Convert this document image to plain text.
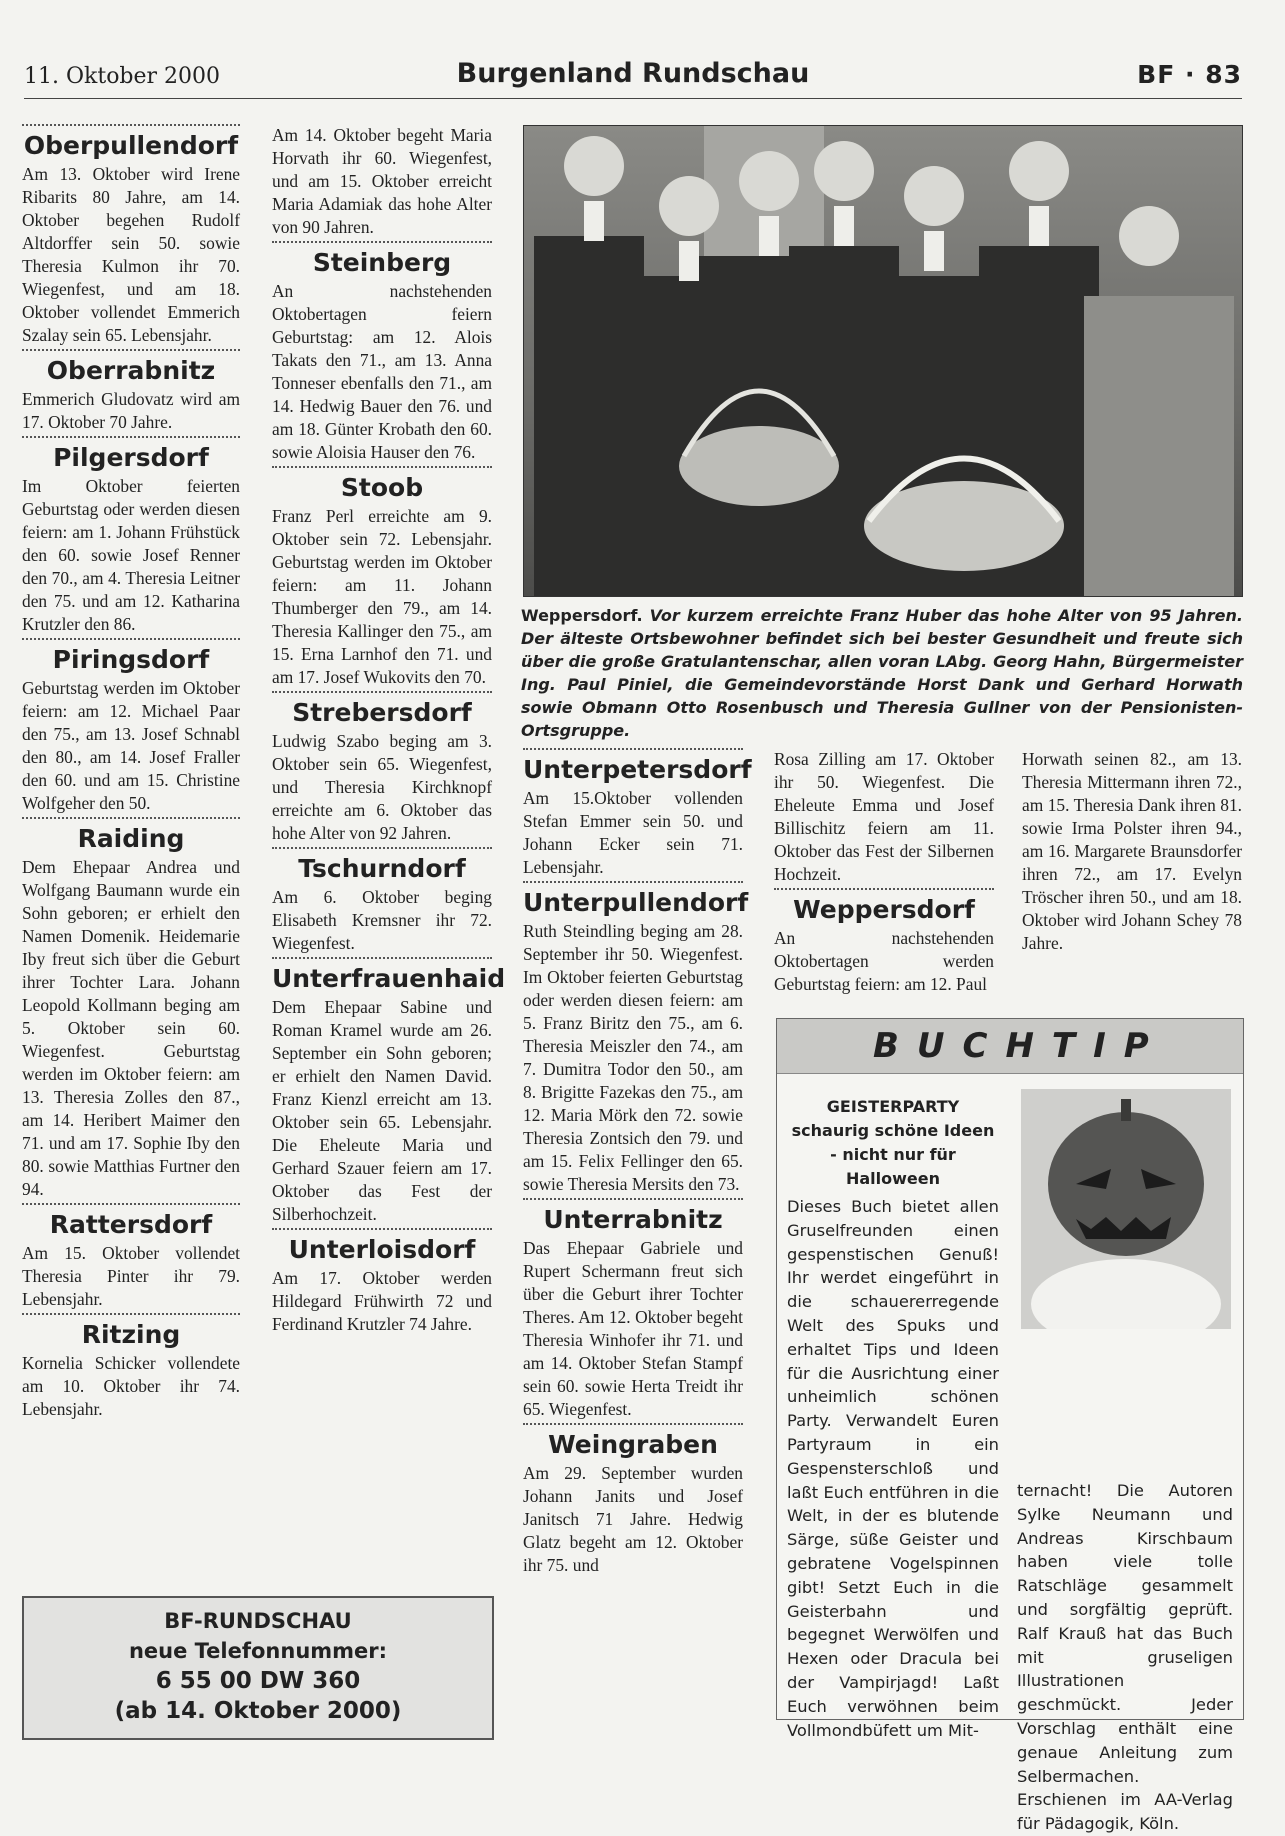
11. Oktober 2000	Burgenland Rundschau	BF · 83
Oberpullendorf
Am 13. Oktober wird Irene Ribarits 80 Jahre, am 14. Oktober begehen Rudolf Altdorffer sein 50. sowie Theresia Kulmon ihr 70. Wiegenfest, und am 18. Oktober vollendet Emmerich Szalay sein 65. Lebensjahr.
Oberrabnitz
Emmerich Gludovatz wird am 17. Oktober 70 Jahre.
Pilgersdorf
Im Oktober feierten Geburtstag oder werden diesen feiern: am 1. Johann Frühstück den 60. sowie Josef Renner den 70., am 4. Theresia Leitner den 75. und am 12. Katharina Krutzler den 86.
Piringsdorf
Geburtstag werden im Oktober feiern: am 12. Michael Paar den 75., am 13. Josef Schnabl den 80., am 14. Josef Fraller den 60. und am 15. Christine Wolfgeher den 50.
Raiding
Dem Ehepaar Andrea und Wolfgang Baumann wurde ein Sohn geboren; er erhielt den Namen Domenik. Heidemarie Iby freut sich über die Geburt ihrer Tochter Lara. Johann Leopold Kollmann beging am 5. Oktober sein 60. Wiegenfest. Geburtstag werden im Oktober feiern: am 13. Theresia Zolles den 87., am 14. Heribert Maimer den 71. und am 17. Sophie Iby den 80. sowie Matthias Furtner den 94.
Rattersdorf
Am 15. Oktober vollendet Theresia Pinter ihr 79. Lebensjahr.
Ritzing
Kornelia Schicker vollendete am 10. Oktober ihr 74. Lebensjahr.
Am 14. Oktober begeht Maria Horvath ihr 60. Wiegenfest, und am 15. Oktober erreicht Maria Adamiak das hohe Alter von 90 Jahren.
Steinberg
An nachstehenden Oktobertagen feiern Geburtstag: am 12. Alois Takats den 71., am 13. Anna Tonneser ebenfalls den 71., am 14. Hedwig Bauer den 76. und am 18. Günter Krobath den 60. sowie Aloisia Hauser den 76.
Stoob
Franz Perl erreichte am 9. Oktober sein 72. Lebensjahr. Geburtstag werden im Oktober feiern: am 11. Johann Thumberger den 79., am 14. Theresia Kallinger den 75., am 15. Erna Larnhof den 71. und am 17. Josef Wukovits den 70.
Strebersdorf
Ludwig Szabo beging am 3. Oktober sein 65. Wiegenfest, und Theresia Kirchknopf erreichte am 6. Oktober das hohe Alter von 92 Jahren.
Tschurndorf
Am 6. Oktober beging Elisabeth Kremsner ihr 72. Wiegenfest.
Unterfrauenhaid
Dem Ehepaar Sabine und Roman Kramel wurde am 26. September ein Sohn geboren; er erhielt den Namen David. Franz Kienzl erreicht am 13. Oktober sein 65. Lebensjahr. Die Eheleute Maria und Gerhard Szauer feiern am 17. Oktober das Fest der Silberhochzeit.
Unterloisdorf
Am 17. Oktober werden Hildegard Frühwirth 72 und Ferdinand Krutzler 74 Jahre.
Weppersdorf. Vor kurzem erreichte Franz Huber das hohe Alter von 95 Jahren. Der älteste Ortsbewohner befindet sich bei bester Gesundheit und freute sich über die große Gratulantenschar, allen voran LAbg. Georg Hahn, Bürgermeister Ing. Paul Piniel, die Gemeindevorstände Horst Dank und Gerhard Horwath sowie Obmann Otto Rosenbusch und Theresia Gullner von der Pensionisten-Ortsgruppe.
Unterpetersdorf
Am 15.Oktober vollenden Stefan Emmer sein 50. und Johann Ecker sein 71. Lebensjahr.
Unterpullendorf
Ruth Steindling beging am 28. September ihr 50. Wiegenfest. Im Oktober feierten Geburtstag oder werden diesen feiern: am 5. Franz Biritz den 75., am 6. Theresia Meiszler den 74., am 7. Dumitra Todor den 50., am 8. Brigitte Fazekas den 75., am 12. Maria Mörk den 72. sowie Theresia Zontsich den 79. und am 15. Felix Fellinger den 65. sowie Theresia Mersits den 73.
Unterrabnitz
Das Ehepaar Gabriele und Rupert Schermann freut sich über die Geburt ihrer Tochter Theres. Am 12. Oktober begeht Theresia Winhofer ihr 71. und am 14. Oktober Stefan Stampf sein 60. sowie Herta Treidt ihr 65. Wiegenfest.
Weingraben
Am 29. September wurden Johann Janits und Josef Janitsch 71 Jahre. Hedwig Glatz begeht am 12. Oktober ihr 75. und
Rosa Zilling am 17. Oktober ihr 50. Wiegenfest. Die Eheleute Emma und Josef Billischitz feiern am 11. Oktober das Fest der Silbernen Hochzeit.
Weppersdorf
An nachstehenden Oktobertagen werden Geburtstag feiern: am 12. Paul
Horwath seinen 82., am 13. Theresia Mittermann ihren 72., am 15. Theresia Dank ihren 81. sowie Irma Polster ihren 94., am 16. Margarete Braunsdorfer ihren 72., am 17. Evelyn Tröscher ihren 50., und am 18. Oktober wird Johann Schey 78 Jahre.
BUCHTIP
GEISTERPARTY
schaurig schöne Ideen - nicht nur für Halloween
Dieses Buch bietet allen Gruselfreunden einen gespenstischen Genuß! Ihr werdet eingeführt in die schauererregende Welt des Spuks und erhaltet Tips und Ideen für die Ausrichtung einer unheimlich schönen Party. Verwandelt Euren Partyraum in ein Gespensterschloß und laßt Euch entführen in die Welt, in der es blutende Särge, süße Geister und gebratene Vogelspinnen gibt! Setzt Euch in die Geisterbahn und begegnet Werwölfen und Hexen oder Dracula bei der Vampirjagd! Laßt Euch verwöhnen beim Vollmondbüfett um Mit-
ternacht! Die Autoren Sylke Neumann und Andreas Kirschbaum haben viele tolle Ratschläge gesammelt und sorgfältig geprüft. Ralf Krauß hat das Buch mit gruseligen Illustrationen geschmückt. Jeder Vorschlag enthält eine genaue Anleitung zum Selbermachen. Erschienen im AA-Verlag für Pädagogik, Köln.
BF-RUNDSCHAU
neue Telefonnummer:
6 55 00 DW 360
(ab 14. Oktober 2000)
